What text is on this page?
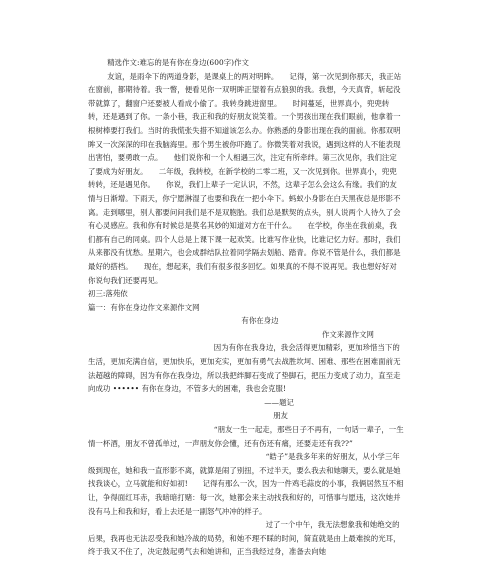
精选作文:难忘的是有你在身边(600字)作文

友谊，是雨伞下的两道身影，是课桌上的两对明眸。　　记得，第一次见到你那天，我正站在窗前，都期待着。我一瞥，便看见你一双明眸正望着有点狼狈的我。我想，今天真背，斩起没带就算了，翻窗户还要被人看成小偷了。我转身跳进窗里。　　时间蔓延，世界真小，兜兜转转，还是遇到了你。一条小巷，我正和我的好朋友说笑着。一个男孩出现在我们眼前，他拿着一根树棒要打我们。当时的我慌张失措不知道该怎么办。你熟悉的身影出现在我的面前。你那双明眸又一次深深的印在我脑海里。那个男生被你吓跑了。你微笑着对我说，遇到这样的人不能表现出害怕，要勇敢一点。　　他们说你和一个人相遇三次，注定有所牵绊。第三次见你，我们注定了要成为好朋友。　　二年级，我转校，在新学校的二零二班，又一次见到你。世界真小，兜兜转转，还是遇见你。　　你说，我们上辈子一定认识，不然，这辈子怎么会这么有缘。我们的友情与日渐增。下雨天，你宁愿淋湿了也要和我在一把小伞下。蚂蚁小身影在白天黑夜总是形影不离。走到哪里，别人都要问问我们是不是双胞胎。我们总是默契的点头，别人说两个人待久了会有心灵感应。我和你有时候总是莫名其妙的知道对方在干什么。　　在学校，你坐在我前桌，我们都有自己的同桌。四个人总是上课下课一起欢笑。比谁写作业快，比谁记忆力好。那时，我们从来都没有忧愁。星期六，也会成群结队拉着同学隔去划船、踏青。你说不管是什么，我们都是最好的搭档。　　现在，想起来，我们有很多很多回忆。如果真的不得不说再见。我也想好好对你说句我们还要再见。

初三:落苑依

篇一：有你在身边作文来源作文网

有你在身边

作文来源作文网

因为有你在我身边，我会活得更加精彩，更加珍惜当下的生活，更加充满自信，更加快乐，更加充实，更加有勇气去战胜坎坷、困难、那些在困难面前无法超越的障碍，因为有你在我身边，所以我把绊脚石变成了垫脚石，把压力变成了动力，直至走向成功 •••••• 有你在身边，不管多大的困难，我也会克服!

——题记

朋友

“朋友一生一起走，那些日子不再有，一句话一辈子，一生情一杯酒，朋友不曾孤单过，一声朋友你会懂，还有伤还有痛，还要走还有我??”

“皓子”是我多年来的好朋友，从小学三年级到现在，她和我一直形影不离，就算是闹了别扭，不过半天，要么我去和她聊天，要么就是她找我谈心，立马就能和好如初!　　记得有那么一次，因为一件鸡毛蒜皮的小事，我俩居然互不相让，争得面红耳赤，我暗暗打赌：每一次，她都会来主动找我和好的，可惜事与愿违，这次她并没有马上和我和好，看上去还是一副怒气冲冲的样子。

过了一个中午，我无法想象我和她绝交的后果，我再也无法忍受我和她冷战的局势，和她不理不睬的时间，简直就是由上最难挨的光耳，终于我又不住了，决定鼓起勇气去和她讲和，正当我经过身，准备去向她
